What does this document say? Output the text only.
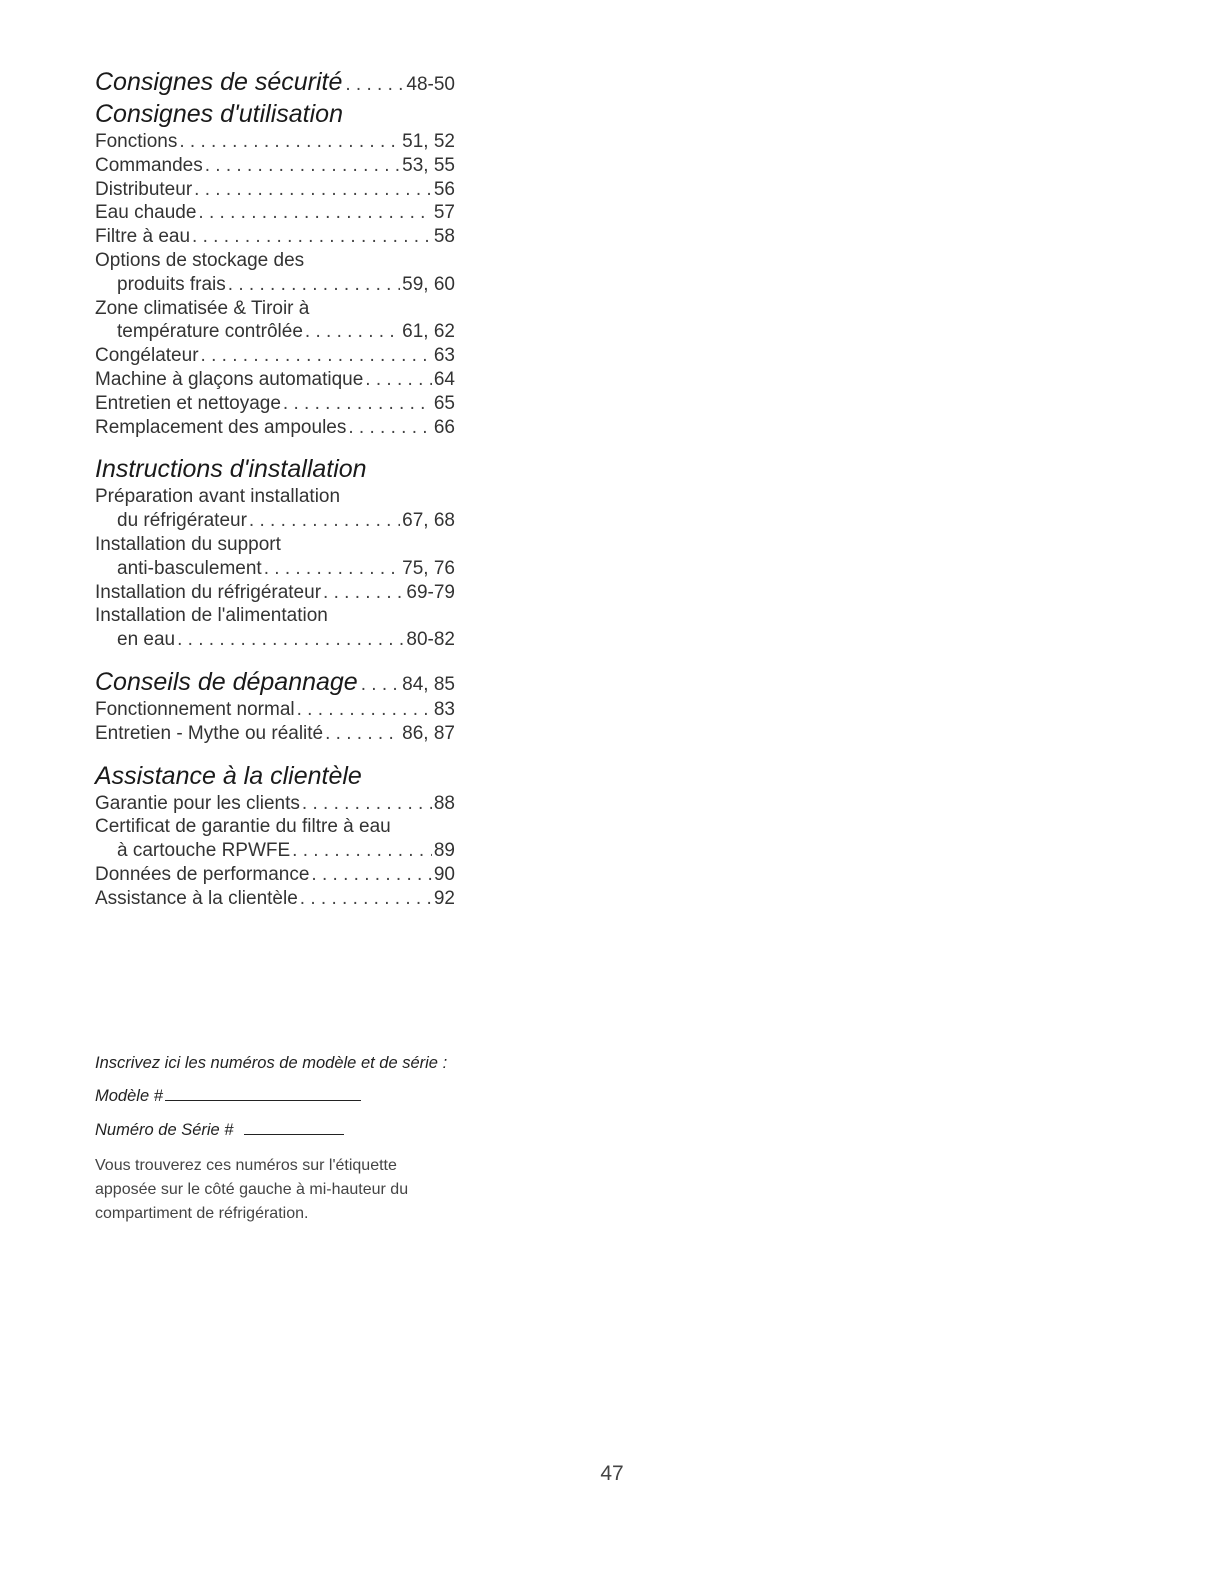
Consignes de sécurité . . .	48-50
Consignes d'utilisation
Fonctions . . .	51, 52
Commandes . . .	53, 55
Distributeur . . .	56
Eau chaude . . .	57
Filtre à eau . . .	58
Options de stockage des
produits frais . . .	59, 60
Zone climatisée & Tiroir à
température contrôlée . . .	61, 62
Congélateur . . .	63
Machine à glaçons automatique . . .	64
Entretien et nettoyage . . .	65
Remplacement des ampoules . . .	66
Instructions d'installation
Préparation avant installation
du réfrigérateur . . .	67, 68
Installation du support
anti-basculement . . .	75, 76
Installation du réfrigérateur . . .	69-79
Installation de l'alimentation
en eau . . .	80-82
Conseils de dépannage . . . 84, 85
Fonctionnement normal . . .	83
Entretien - Mythe ou réalité . . .	86, 87
Assistance à la clientèle
Garantie pour les clients . . .	88
Certificat de garantie du filtre à eau
à cartouche RPWFE . . .	89
Données de performance . . .	90
Assistance à la clientèle . . .	92

Inscrivez ici les numéros de modèle et de série :

Modèle #
Numéro de Série #
Vous trouverez ces numéros sur l'étiquette apposée sur le côté gauche à mi-hauteur du compartiment de réfrigération.
47
